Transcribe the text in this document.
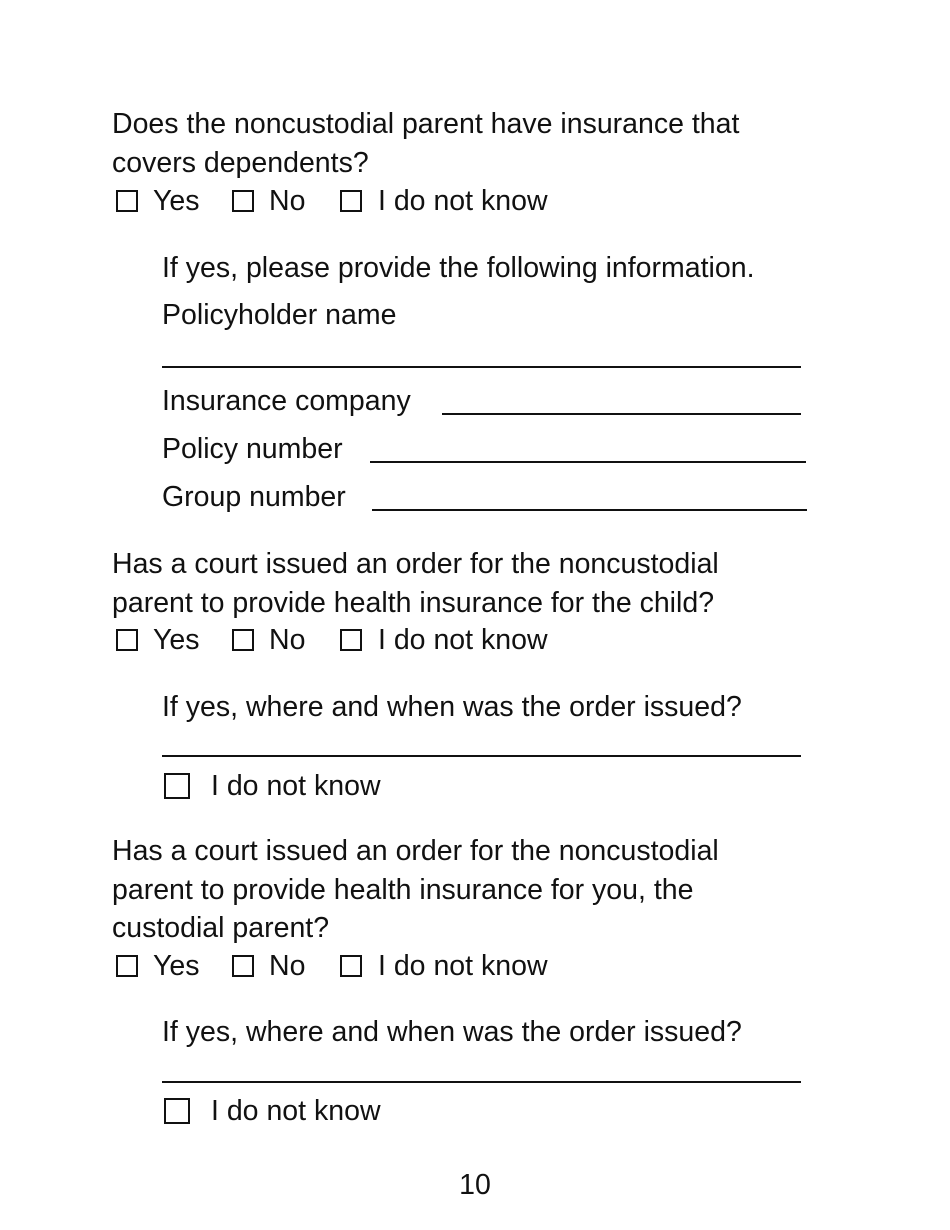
Does the noncustodial parent have insurance that
covers dependents?
Yes No	I do not know
If yes, please provide the following information.
Policyholder name
Insurance company
Policy number
Group number
Has a court issued an order for the noncustodial
parent to provide health insurance for the child?
Yes No	I do not know
If yes, where and when was the order issued?
I do not know
Has a court issued an order for the noncustodial
parent to provide health insurance for you, the
custodial parent?
Yes No	I do not know
If yes, where and when was the order issued?
I do not know
10
